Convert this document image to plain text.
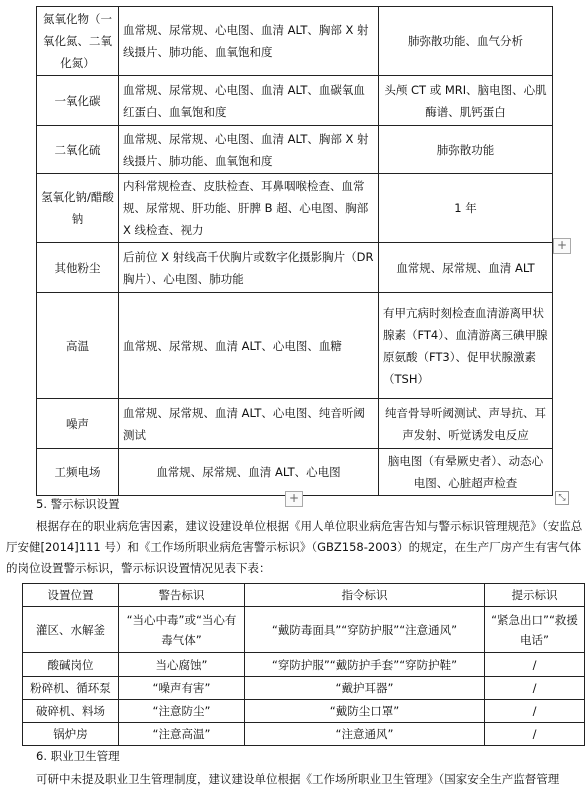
氮氧化物（一氧化氮、二氧化氮）	血常规、尿常规、心电图、血清 ALT、胸部 X 射线摄片、肺功能、血氧饱和度	肺弥散功能、血气分析
一氧化碳	血常规、尿常规、心电图、血清 ALT、血碳氧血红蛋白、血氧饱和度	头颅 CT 或 MRI、脑电图、心肌酶谱、肌钙蛋白
二氧化硫	血常规、尿常规、心电图、血清 ALT、胸部 X 射线摄片、肺功能、血氧饱和度	肺弥散功能
氢氧化钠/醋酸钠	内科常规检查、皮肤检查、耳鼻咽喉检查、血常规、尿常规、肝功能、肝脾 B 超、心电图、胸部 X 线检查、视力	1 年
其他粉尘	后前位 X 射线高千伏胸片或数字化摄影胸片（DR 胸片）、心电图、肺功能	血常规、尿常规、血清 ALT
高温	血常规、尿常规、血清 ALT、心电图、血糖	有甲亢病时刻检查血清游离甲状腺素（FT4）、血清游离三碘甲腺原氨酸（FT3）、促甲状腺激素（TSH）
噪声	血常规、尿常规、血清 ALT、心电图、纯音听阈测试	纯音骨导听阈测试、声导抗、耳声发射、听觉诱发电反应
工频电场	血常规、尿常规、血清 ALT、心电图	脑电图（有晕厥史者）、动态心电图、心脏超声检查
+
+	⤡
5. 警示标识设置
根据存在的职业病危害因素，建议设建设单位根据《用人单位职业病危害告知与警示标识管理规范》（安监总厅安健[2014]111 号）和《工作场所职业病危害警示标识》（GBZ158-2003）的规定，在生产厂房产生有害气体的岗位设置警示标识，警示标识设置情况见表下表：
设置位置	警告标识	指令标识	提示标识
灌区、水解釜	“当心中毒”或“当心有毒气体”	“戴防毒面具”“穿防护服”“注意通风”	“紧急出口”“救援电话”
酸碱岗位	当心腐蚀”	“穿防护服”“戴防护手套”“穿防护鞋”	/
粉碎机、循环泵	“噪声有害”	“戴护耳器”	/
破碎机、料场	“注意防尘”	“戴防尘口罩”	/
锅炉房	“注意高温”	“注意通风”	/
6. 职业卫生管理
可研中未提及职业卫生管理制度，建议建设单位根据《工作场所职业卫生管理》（国家安全生产监督管理
